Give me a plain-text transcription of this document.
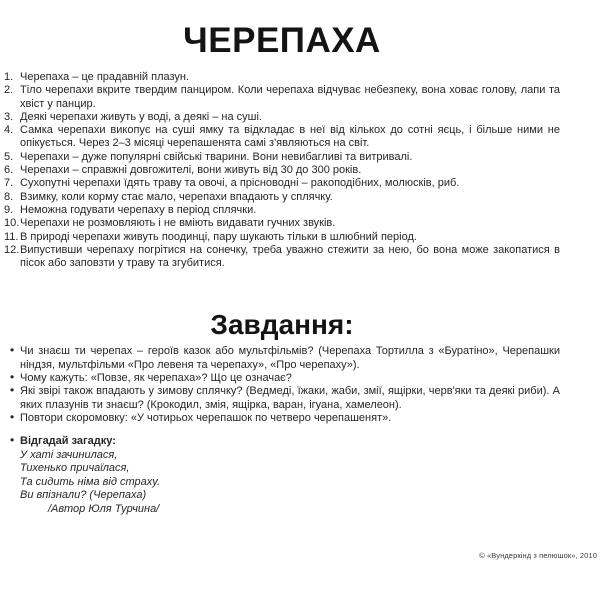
ЧЕРЕПАХА
1. Черепаха – це прадавній плазун.
2. Тіло черепахи вкрите твердим панциром. Коли черепаха відчуває небезпеку, вона ховає голову, лапи та хвіст у панцир.
3. Деякі черепахи живуть у воді, а деякі – на суші.
4. Самка черепахи викопує на суші ямку та відкладає в неї від кількох до сотні яєць, і більше ними не опікується. Через 2–3 місяці черепашенята самі з'являються на світ.
5. Черепахи – дуже популярні свійські тварини. Вони невибагливі та витривалі.
6. Черепахи – справжні довгожителі, вони живуть від 30 до 300 років.
7. Сухопутні черепахи їдять траву та овочі, а прісноводні – ракоподібних, молюсків, риб.
8. Взимку, коли корму стає мало, черепахи впадають у сплячку.
9. Неможна годувати черепаху в період сплячки.
10. Черепахи не розмовляють і не вміють видавати гучних звуків.
11. В природі черепахи живуть поодинці, пару шукають тільки в шлюбний період.
12. Випустивши черепаху погрітися на сонечку, треба уважно стежити за нею, бо вона може закопатися в пісок або заповзти у траву та згубитися.
Завдання:
• Чи знаєш ти черепах – героїв казок або мультфільмів? (Черепаха Тортилла з «Буратіно», Черепашки ніндзя, мультфільми «Про левеня та черепаху», «Про черепаху»).
• Чому кажуть: «Повзе, як черепаха»? Що це означає?
• Які звірі також впадають у зимову сплячку? (Ведмеді, їжаки, жаби, змії, ящірки, черв'яки та деякі риби). А яких плазунів ти знаєш? (Крокодил, змія, ящірка, варан, ігуана, хамелеон).
• Повтори скоромовку: «У чотирьох черепашок по четверо черепашенят».
• Відгадай загадку:
У хаті зачинилася,
Тихенько причаїлася,
Та сидить німа від страху.
Ви впізнали? (Черепаха)
/Автор Юля Турчина/
© «Вундеркінд з пелюшок», 2010
